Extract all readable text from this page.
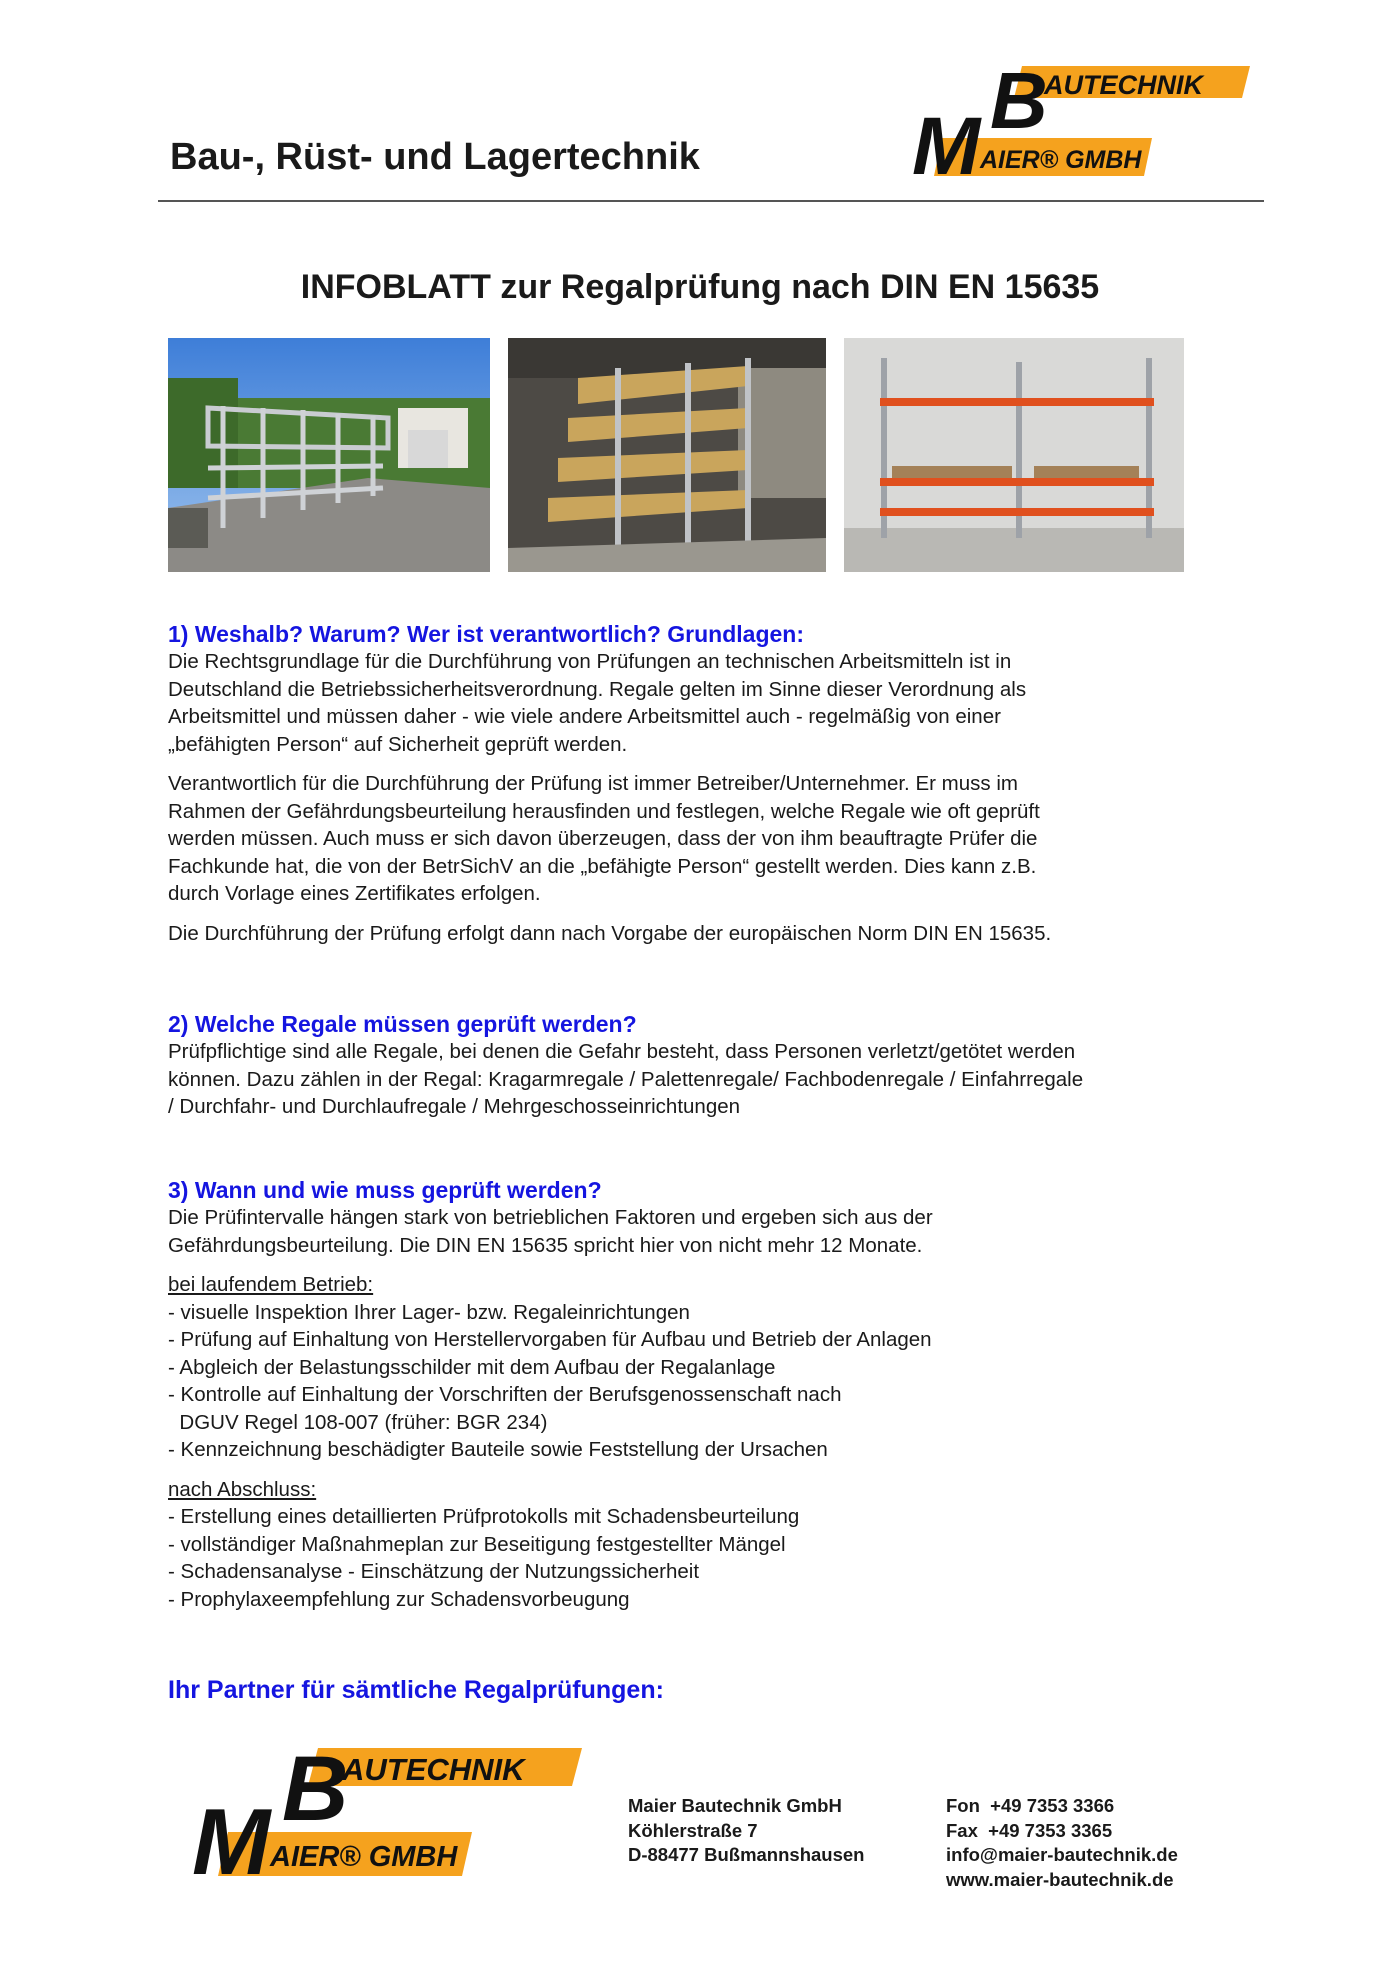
Bau-, Rüst- und Lagertechnik
B
M
AUTECHNIK
AIER® GMBH
INFOBLATT zur Regalprüfung nach DIN EN 15635
1) Weshalb? Warum? Wer ist verantwortlich? Grundlagen:
Die Rechtsgrundlage für die Durchführung von Prüfungen an technischen Arbeitsmitteln ist in
Deutschland die Betriebssicherheitsverordnung. Regale gelten im Sinne dieser Verordnung als
Arbeitsmittel und müssen daher - wie viele andere Arbeitsmittel auch - regelmäßig von einer
„befähigten Person“ auf Sicherheit geprüft werden.
Verantwortlich für die Durchführung der Prüfung ist immer Betreiber/Unternehmer. Er muss im
Rahmen der Gefährdungsbeurteilung herausfinden und festlegen, welche Regale wie oft geprüft
werden müssen. Auch muss er sich davon überzeugen, dass der von ihm beauftragte Prüfer die
Fachkunde hat, die von der BetrSichV an die „befähigte Person“ gestellt werden. Dies kann z.B.
durch Vorlage eines Zertifikates erfolgen.
Die Durchführung der Prüfung erfolgt dann nach Vorgabe der europäischen Norm DIN EN 15635.
2) Welche Regale müssen geprüft werden?
Prüfpflichtige sind alle Regale, bei denen die Gefahr besteht, dass Personen verletzt/getötet werden
können. Dazu zählen in der Regal: Kragarmregale / Palettenregale/ Fachbodenregale / Einfahrregale
/ Durchfahr- und Durchlaufregale / Mehrgeschosseinrichtungen
3) Wann und wie muss geprüft werden?
Die Prüfintervalle hängen stark von betrieblichen Faktoren und ergeben sich aus der
Gefährdungsbeurteilung. Die DIN EN 15635 spricht hier von nicht mehr 12 Monate.
bei laufendem Betrieb:
- visuelle Inspektion Ihrer Lager- bzw. Regaleinrichtungen
- Prüfung auf Einhaltung von Herstellervorgaben für Aufbau und Betrieb der Anlagen
- Abgleich der Belastungsschilder mit dem Aufbau der Regalanlage
- Kontrolle auf Einhaltung der Vorschriften der Berufsgenossenschaft nach
DGUV Regel 108-007 (früher: BGR 234)
- Kennzeichnung beschädigter Bauteile sowie Feststellung der Ursachen
nach Abschluss:
- Erstellung eines detaillierten Prüfprotokolls mit Schadensbeurteilung
- vollständiger Maßnahmeplan zur Beseitigung festgestellter Mängel
- Schadensanalyse - Einschätzung der Nutzungssicherheit
- Prophylaxeempfehlung zur Schadensvorbeugung
Ihr Partner für sämtliche Regalprüfungen:
B
M
AUTECHNIK
AIER® GMBH
Maier Bautechnik GmbH
Köhlerstraße 7
D-88477 Bußmannshausen
Fon  +49 7353 3366
Fax  +49 7353 3365
info@maier-bautechnik.de
www.maier-bautechnik.de
